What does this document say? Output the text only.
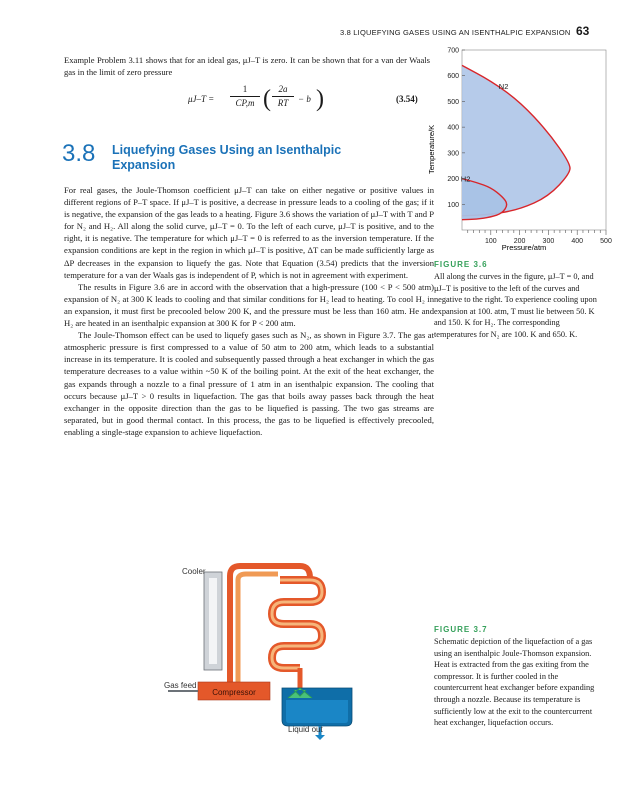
3.8 LIQUEFYING GASES USING AN ISENTHALPIC EXPANSION 63
Example Problem 3.11 shows that for an ideal gas, μJ–T is zero. It can be shown that for a van der Waals gas in the limit of zero pressure
μJ–T =
1
CP,m ( 2a
RT	− b )	(3.54)
3.8 Liquefying Gases Using an Isenthalpic
Expansion

For real gases, the Joule-Thomson coefficient μJ–T can take on either negative or positive values in different regions of P–T space. If μJ–T is positive, a decrease in pressure leads to a cooling of the gas; if it is negative, the expansion of the gas leads to a heating. Figure 3.6 shows the variation of μJ–T with T and P for N₂ and H₂. All along the solid curve, μJ–T = 0. To the left of each curve, μJ–T is positive, and to the right, it is negative. The temperature for which μJ–T = 0 is referred to as the inversion temperature. If the expansion conditions are kept in the region in which μJ–T is positive, ΔT can be made sufficiently large as ΔP decreases in the expansion to liquefy the gas. Note that Equation (3.54) predicts that the inversion temperature for a van der Waals gas is independent of P, which is not in agreement with experiment.

The results in Figure 3.6 are in accord with the observation that a high-pressure (100 < P < 500 atm) expansion of N₂ at 300 K leads to cooling and that similar conditions for H₂ lead to heating. To cool H₂ in an expansion, it must first be precooled below 200 K, and the pressure must be less than 160 atm. He and H₂ are heated in an isenthalpic expansion at 300 K for P < 200 atm.

The Joule-Thomson effect can be used to liquefy gases such as N₂, as shown in Figure 3.7. The gas at atmospheric pressure is first compressed to a value of 50 atm to 200 atm, which leads to a substantial increase in its temperature. It is cooled and subsequently passed through a heat exchanger in which the gas temperature decreases to a value within ~50 K of the boiling point. At the exit of the heat exchanger, the gas expands through a nozzle to a final pressure of 1 atm in an isenthalpic expansion. The cooling that occurs because μJ–T > 0 results in liquefaction. The gas that boils away passes back through the heat exchanger in the opposite direction than the gas to be liquefied is passing. The two gas streams are separated, but in good thermal contact. In this process, the gas to be liquefied is effectively precooled, enabling a single-stage expansion to achieve liquefaction.

N2
H2
100
200
300
400
500
600
700
100 200 300 400 500
Temperature/K
Pressure/atm
FIGURE 3.6
All along the curves in the figure, μJ–T = 0, and μJ–T is positive to the left of the curves and negative to the right. To experience cooling upon expansion at 100. atm, T must lie between 50. K and 150. K for H₂. The corresponding temperatures for N₂ are 100. K and 650. K.
Compressor
Cooler
Gas feed
Liquid out
FIGURE 3.7
Schematic depiction of the liquefaction of a gas using an isenthalpic Joule-Thomson expansion. Heat is extracted from the gas exiting from the compressor. It is further cooled in the countercurrent heat exchanger before expanding through a nozzle. Because its temperature is sufficiently low at the exit to the countercurrent heat exchanger, liquefaction occurs.
